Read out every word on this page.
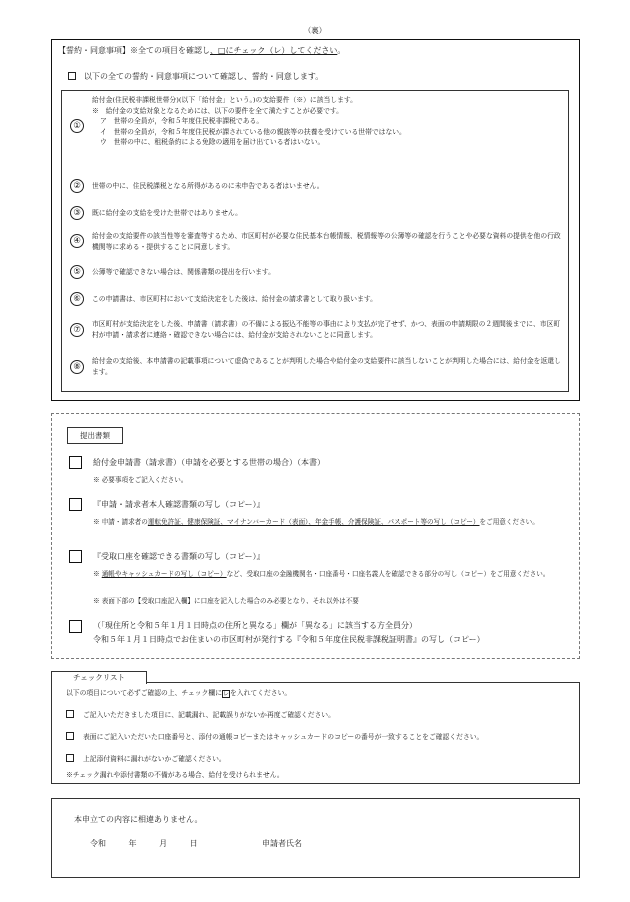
（裏）
【誓約・同意事項】※全ての項目を確認し、□にチェック（レ）してください。
以下の全ての誓約・同意事項について確認し、誓約・同意します。
①
給付金(住民税非課税世帯分)(以下「給付金」という。)の支給要件（※）に該当します。
※　給付金の支給対象となるためには、以下の要件を全て満たすことが必要です。
ア　世帯の全員が，令和５年度住民税非課税である。
イ　世帯の全員が，令和５年度住民税が課されている他の親族等の扶養を受けている世帯ではない。
ウ　世帯の中に、租税条約による免除の適用を届け出ている者はいない。
②	世帯の中に、住民税課税となる所得があるのに未申告である者はいません。
③	既に給付金の支給を受けた世帯ではありません。
④	給付金の支給要件の該当性等を審査等するため、市区町村が必要な住民基本台帳情報、税情報等の公簿等の確認を行うことや必要な資料の提供を他の行政機関等に求める・提供することに同意します。
⑤	公簿等で確認できない場合は、関係書類の提出を行います。
⑥	この申請書は、市区町村において支給決定をした後は、給付金の請求書として取り扱います。
⑦
市区町村が支給決定をした後、申請書（請求書）の不備による振込不能等の事由により支払が完了せず、かつ、表面の申請期限の２週間後までに、市区町村が申請・請求者に連絡・確認できない場合には、給付金が支給されないことに同意します。
⑧
給付金の支給後、本申請書の記載事項について虚偽であることが判明した場合や給付金の支給要件に該当しないことが判明した場合には、給付金を返還します。
提出書類
給付金申請書（請求書）（申請を必要とする世帯の場合）（本書）
※ 必要事項をご記入ください。
『申請・請求者本人確認書類の写し（コピー）』
※ 申請・請求者の運転免許証、健康保険証、マイナンバーカード（表面）、年金手帳、介護保険証、パスポート等の写し（コピー）をご用意ください。
『受取口座を確認できる書類の写し（コピー）』
※ 通帳やキャッシュカードの写し（コピー）など、受取口座の金融機関名・口座番号・口座名義人を確認できる部分の写し（コピー）をご用意ください。
※ 表面下部の【受取口座記入欄】に口座を記入した場合のみ必要となり、それ以外は不要
（「現住所と令和５年１月１日時点の住所と異なる」欄が「異なる」に該当する方全員分）
令和５年１月１日時点でお住まいの市区町村が発行する『令和５年度住民税非課税証明書』の写し（コピー）
以下の項目について必ずご確認の上、チェック欄にレを入れてください。
ご記入いただきました項目に、記載漏れ、記載誤りがないか再度ご確認ください。
表面にご記入いただいた口座番号と、添付の通帳コピーまたはキャッシュカードのコピーの番号が一致することをご確認ください。
上記添付資料に漏れがないかご確認ください。
※チェック漏れや添付書類の不備がある場合、給付を受けられません。
チェックリスト
本申立ての内容に相違ありません。
令和	年	月	日	申請者氏名
